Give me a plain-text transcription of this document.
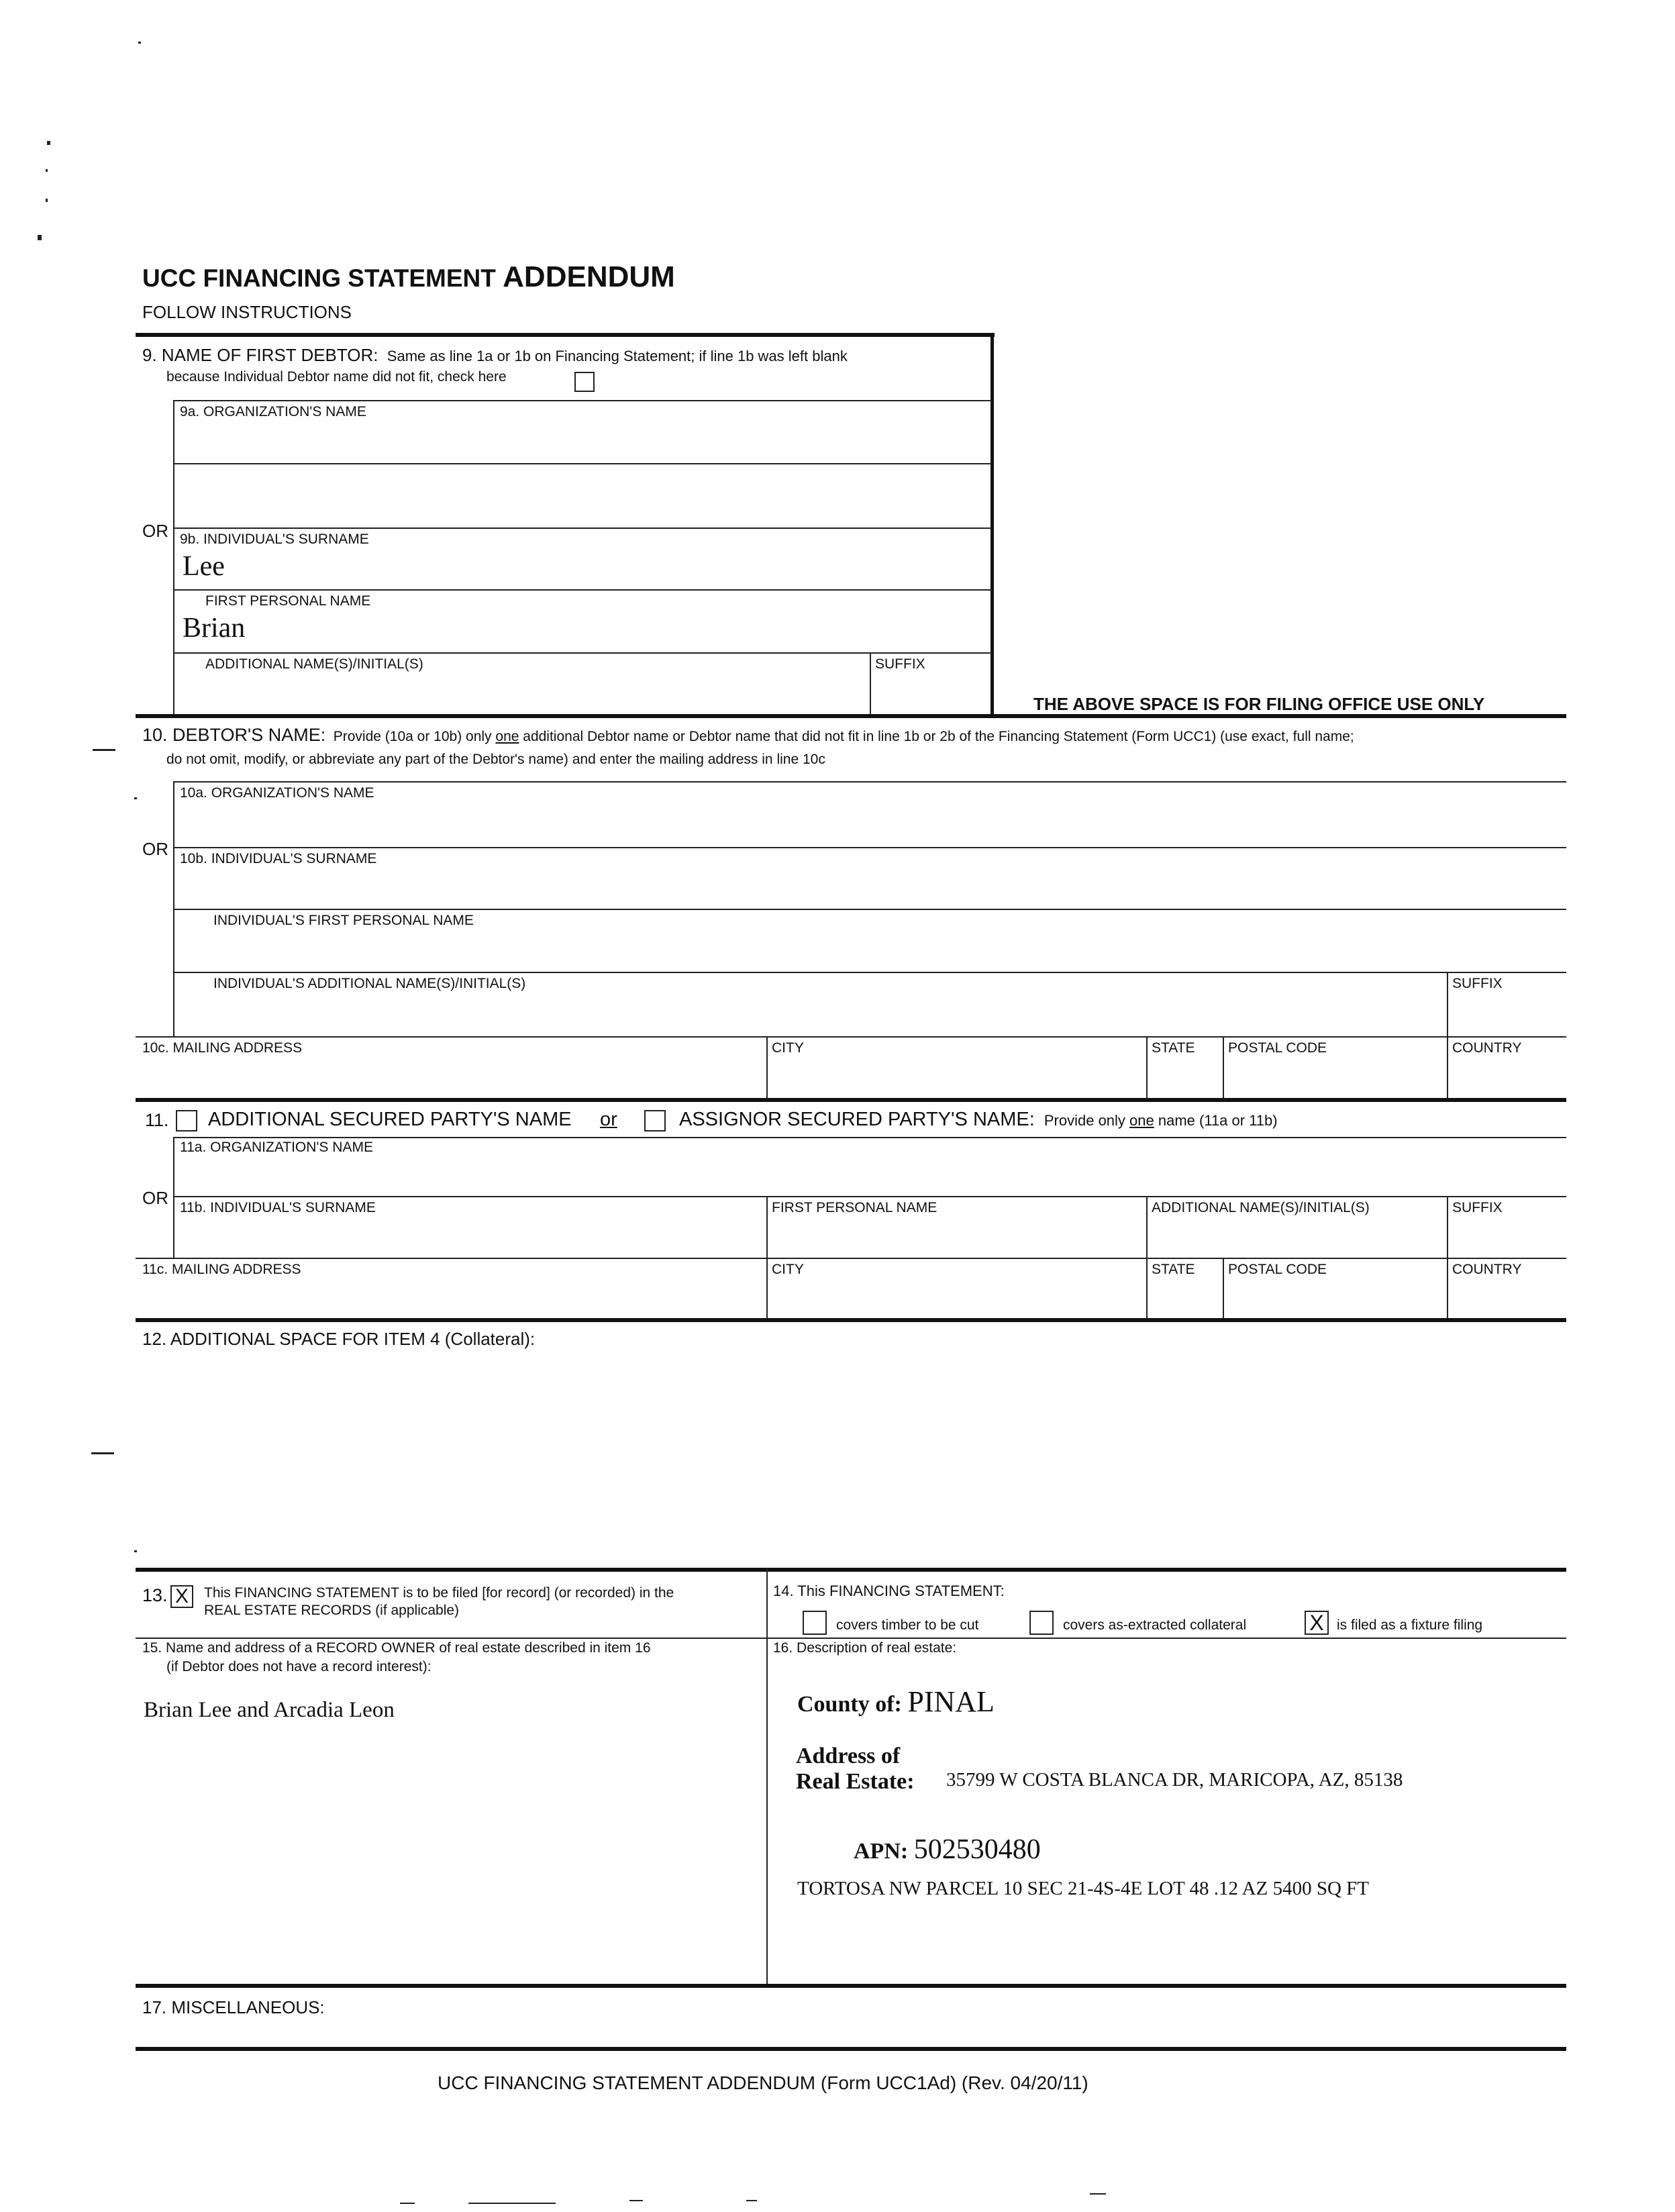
UCC FINANCING STATEMENT ADDENDUM
FOLLOW INSTRUCTIONS
9. NAME OF FIRST DEBTOR: Same as line 1a or 1b on Financing Statement; if line 1b was left blank
because Individual Debtor name did not fit, check here
9a. ORGANIZATION'S NAME
OR 9b. INDIVIDUAL'S SURNAME
Lee
FIRST PERSONAL NAME
Brian
ADDITIONAL NAME(S)/INITIAL(S)	SUFFIX
THE ABOVE SPACE IS FOR FILING OFFICE USE ONLY
10. DEBTOR'S NAME: Provide (10a or 10b) only one additional Debtor name or Debtor name that did not fit in line 1b or 2b of the Financing Statement (Form UCC1) (use exact, full name;
do not omit, modify, or abbreviate any part of the Debtor's name) and enter the mailing address in line 10c
10a. ORGANIZATION'S NAME
OR 10b. INDIVIDUAL'S SURNAME
INDIVIDUAL'S FIRST PERSONAL NAME
INDIVIDUAL'S ADDITIONAL NAME(S)/INITIAL(S)	SUFFIX
10c. MAILING ADDRESS	CITY	STATE POSTAL CODE	COUNTRY
11. ADDITIONAL SECURED PARTY'S NAME or	ASSIGNOR SECURED PARTY'S NAME: Provide only one name (11a or 11b)
11a. ORGANIZATION'S NAME
OR 11b. INDIVIDUAL'S SURNAME	FIRST PERSONAL NAME	ADDITIONAL NAME(S)/INITIAL(S)	SUFFIX
11c. MAILING ADDRESS	CITY	STATE POSTAL CODE	COUNTRY
12. ADDITIONAL SPACE FOR ITEM 4 (Collateral):
13. X	This FINANCING STATEMENT is to be filed [for record] (or recorded) in the
REAL ESTATE RECORDS (if applicable)
14. This FINANCING STATEMENT:
covers timber to be cut	covers as-extracted collateral	X is filed as a fixture filing
15. Name and address of a RECORD OWNER of real estate described in item 16
(if Debtor does not have a record interest):
Brian Lee and Arcadia Leon
16. Description of real estate:
County of: PINAL
Address of
Real Estate: 35799 W COSTA BLANCA DR, MARICOPA, AZ, 85138
APN: 502530480
TORTOSA NW PARCEL 10 SEC 21-4S-4E LOT 48 .12 AZ 5400 SQ FT
17. MISCELLANEOUS:
UCC FINANCING STATEMENT ADDENDUM (Form UCC1Ad) (Rev. 04/20/11)
